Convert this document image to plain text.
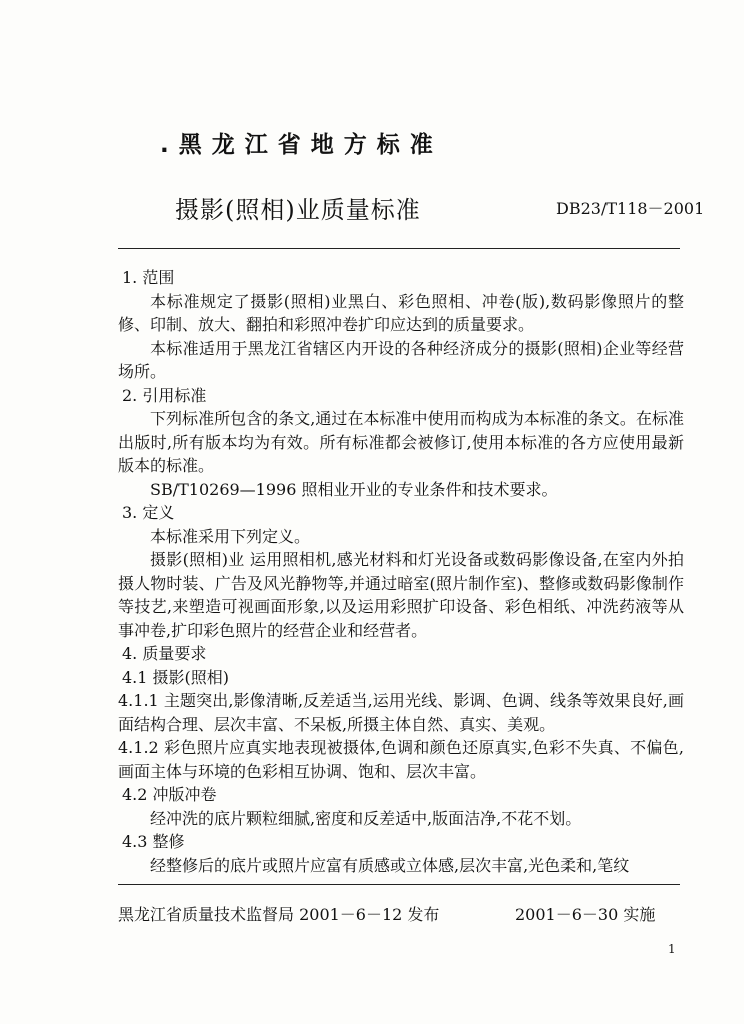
.黑龙江省地方标准
摄影(照相)业质量标准	DB23/T118－2001

1. 范围

本标准规定了摄影(照相)业黑白、彩色照相、冲卷(版),数码影像照片的整修、印制、放大、翻拍和彩照冲卷扩印应达到的质量要求。

本标准适用于黑龙江省辖区内开设的各种经济成分的摄影(照相)企业等经营场所。

2. 引用标准

下列标准所包含的条文,通过在本标准中使用而构成为本标准的条文。在标准出版时,所有版本均为有效。所有标准都会被修订,使用本标准的各方应使用最新版本的标准。

SB/T10269—1996 照相业开业的专业条件和技术要求。

3. 定义

本标准采用下列定义。

摄影(照相)业 运用照相机,感光材料和灯光设备或数码影像设备,在室内外拍摄人物时装、广告及风光静物等,并通过暗室(照片制作室)、整修或数码影像制作等技艺,来塑造可视画面形象,以及运用彩照扩印设备、彩色相纸、冲洗药液等从事冲卷,扩印彩色照片的经营企业和经营者。

4. 质量要求

4.1 摄影(照相)

4.1.1 主题突出,影像清晰,反差适当,运用光线、影调、色调、线条等效果良好,画面结构合理、层次丰富、不呆板,所摄主体自然、真实、美观。

4.1.2 彩色照片应真实地表现被摄体,色调和颜色还原真实,色彩不失真、不偏色,画面主体与环境的色彩相互协调、饱和、层次丰富。

4.2 冲版冲卷

经冲洗的底片颗粒细腻,密度和反差适中,版面洁净,不花不划。

4.3 整修

经整修后的底片或照片应富有质感或立体感,层次丰富,光色柔和,笔纹

黑龙江省质量技术监督局 2001－6－12 发布	2001－6－30 实施
1
